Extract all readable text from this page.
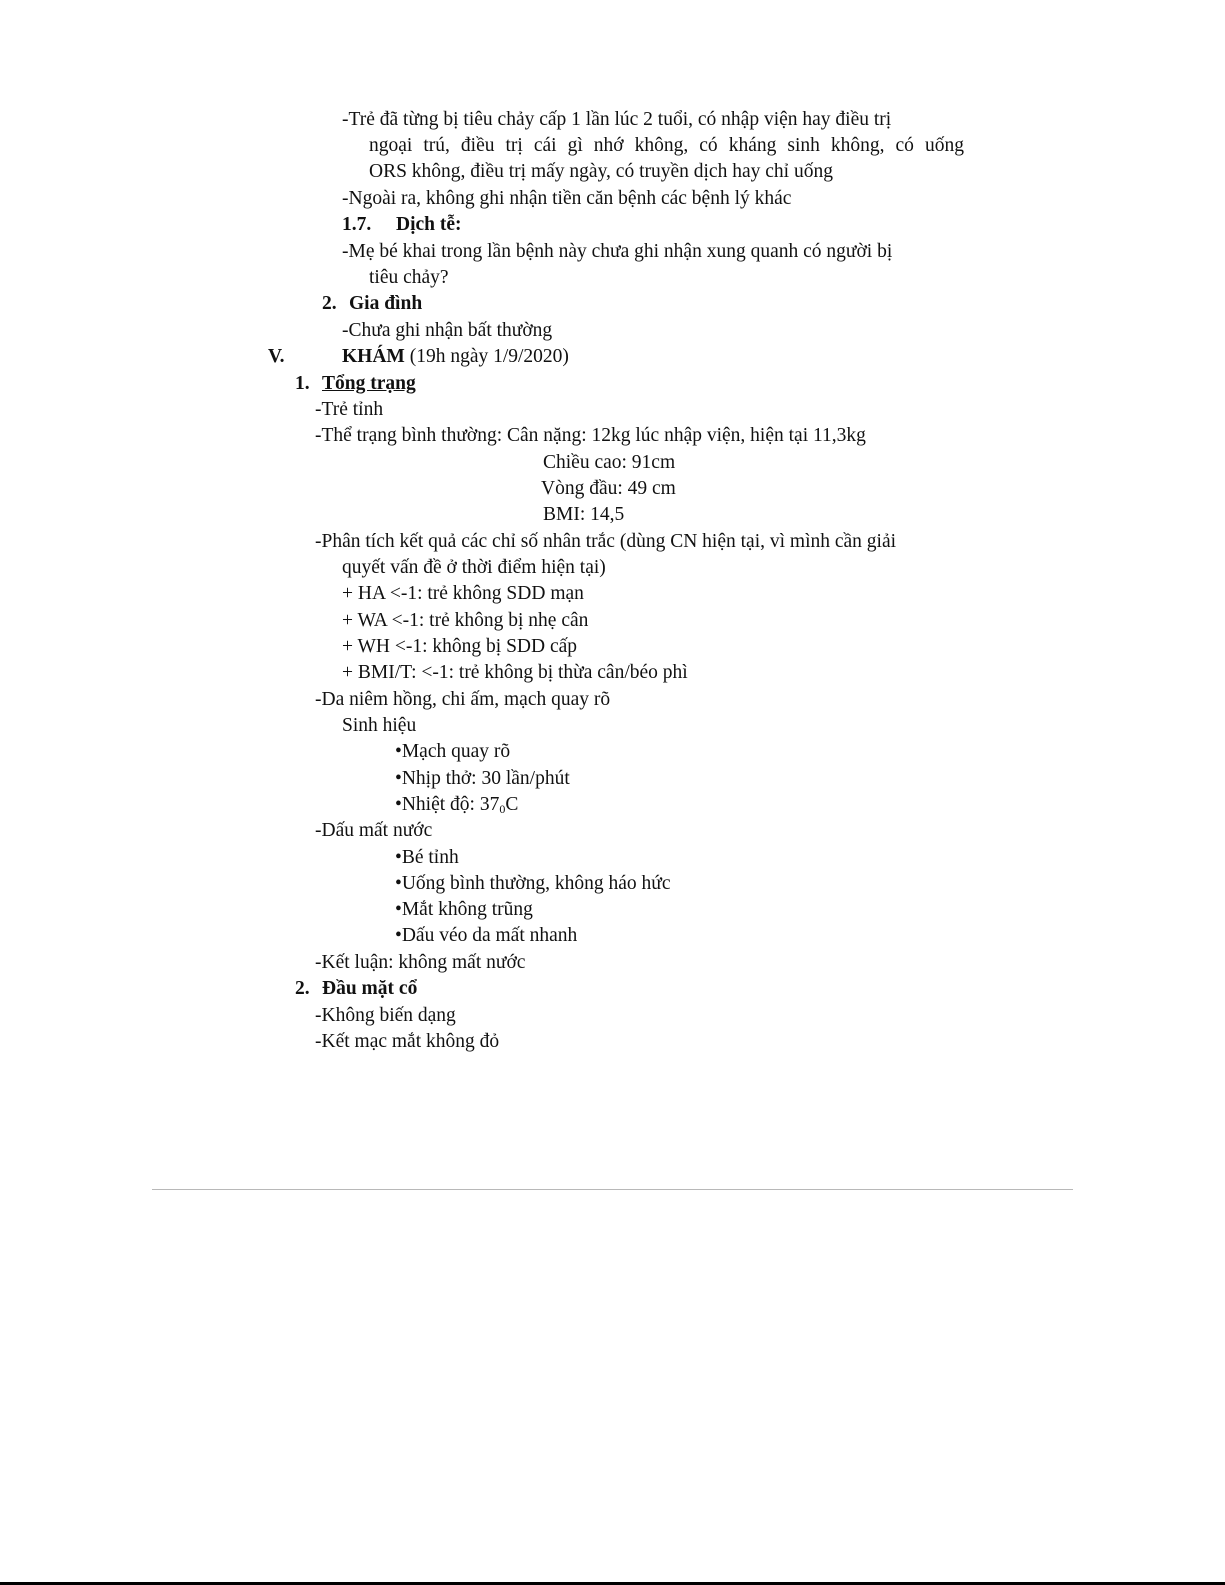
-Trẻ đã từng bị tiêu chảy cấp 1 lần lúc 2 tuổi, có nhập viện hay điều trị
ngoại trú, điều trị cái gì nhớ không, có kháng sinh không, có uống
ORS không, điều trị mấy ngày, có truyền dịch hay chỉ uống
-Ngoài ra, không ghi nhận tiền căn bệnh các bệnh lý khác
1.7. Dịch tễ:
-Mẹ bé khai trong lần bệnh này chưa ghi nhận xung quanh có người bị
tiêu chảy?
2. Gia đình
-Chưa ghi nhận bất thường
V.	KHÁM (19h ngày 1/9/2020)
1. Tổng trạng
-Trẻ tỉnh
-Thể trạng bình thường: Cân nặng: 12kg lúc nhập viện, hiện tại 11,3kg
Chiều cao: 91cm
Vòng đầu: 49 cm
BMI: 14,5
-Phân tích kết quả các chỉ số nhân trắc (dùng CN hiện tại, vì mình cần giải
quyết vấn đề ở thời điểm hiện tại)
+ HA <-1: trẻ không SDD mạn
+ WA <-1: trẻ không bị nhẹ cân
+ WH <-1: không bị SDD cấp
+ BMI/T: <-1: trẻ không bị thừa cân/béo phì
-Da niêm hồng, chi ấm, mạch quay rõ
Sinh hiệu
•Mạch quay rõ
•Nhịp thở: 30 lần/phút
•Nhiệt độ: $37_0C$
-Dấu mất nước
•Bé tỉnh
•Uống bình thường, không háo hức
•Mắt không trũng
•Dấu véo da mất nhanh
-Kết luận: không mất nước
2. Đầu mặt cổ
-Không biến dạng
-Kết mạc mắt không đỏ
